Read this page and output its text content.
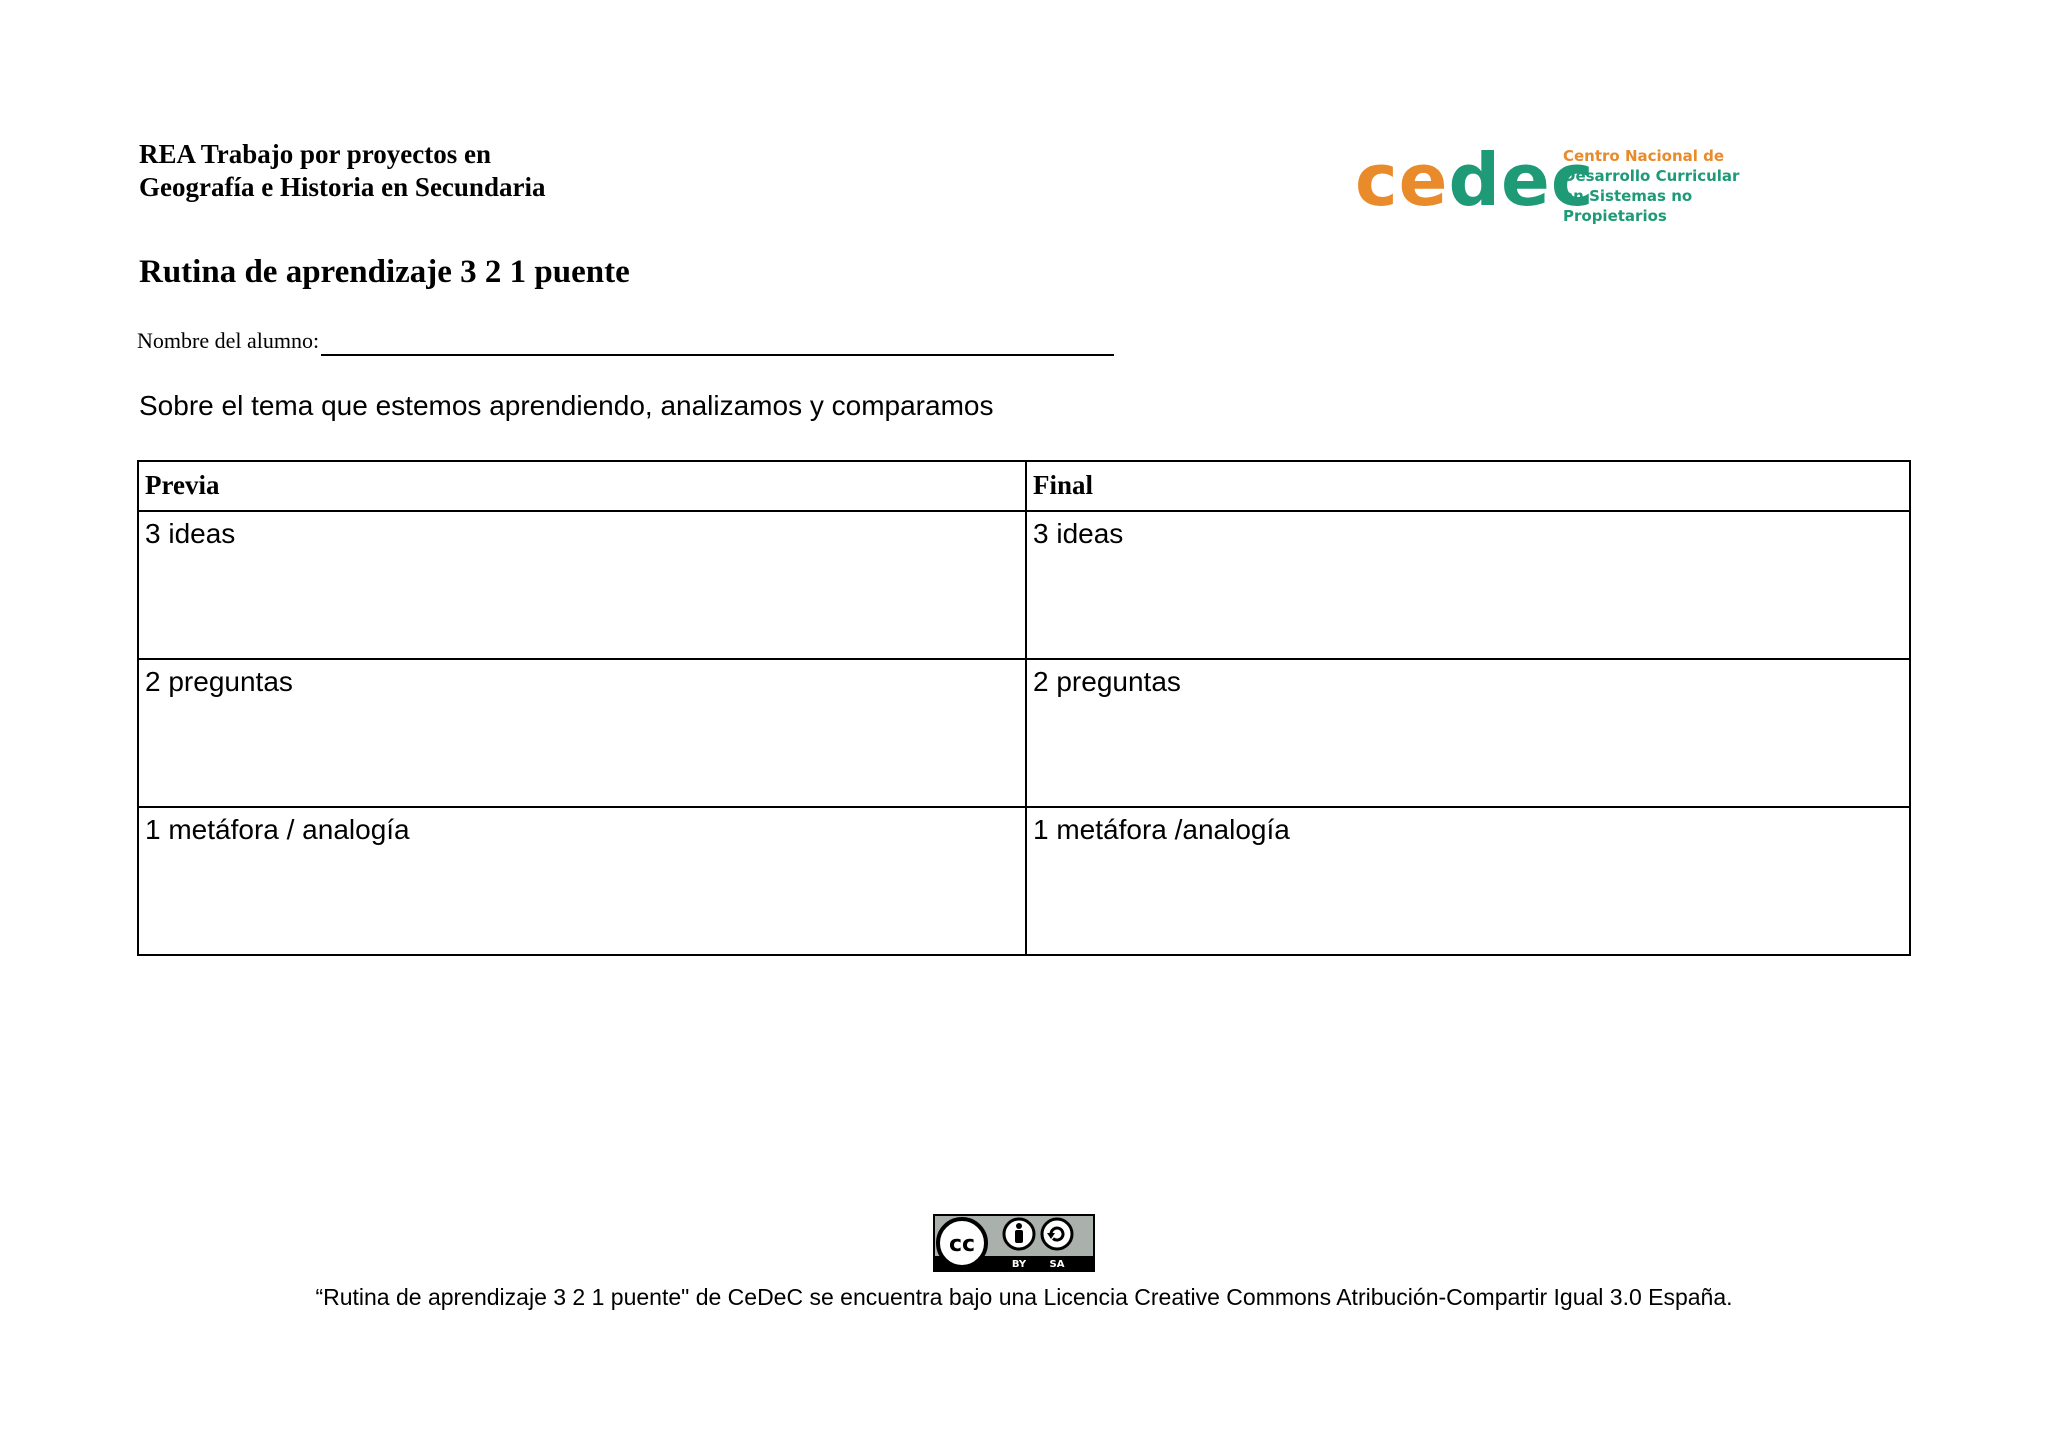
REA Trabajo por proyectos en
Geografía e Historia en Secundaria	cedec
Centro Nacional de
Desarrollo Curricular
en Sistemas no Propietarios
Rutina de aprendizaje 3 2 1 puente
Nombre del alumno:
Sobre el tema que estemos aprendiendo, analizamos y comparamos
Previa	Final
3 ideas	3 ideas
2 preguntas	2 preguntas
1 metáfora / analogía	1 metáfora /analogía
cc
BY SA
“Rutina de aprendizaje 3 2 1 puente" de CeDeC se encuentra bajo una Licencia Creative Commons Atribución-Compartir Igual 3.0 España.
